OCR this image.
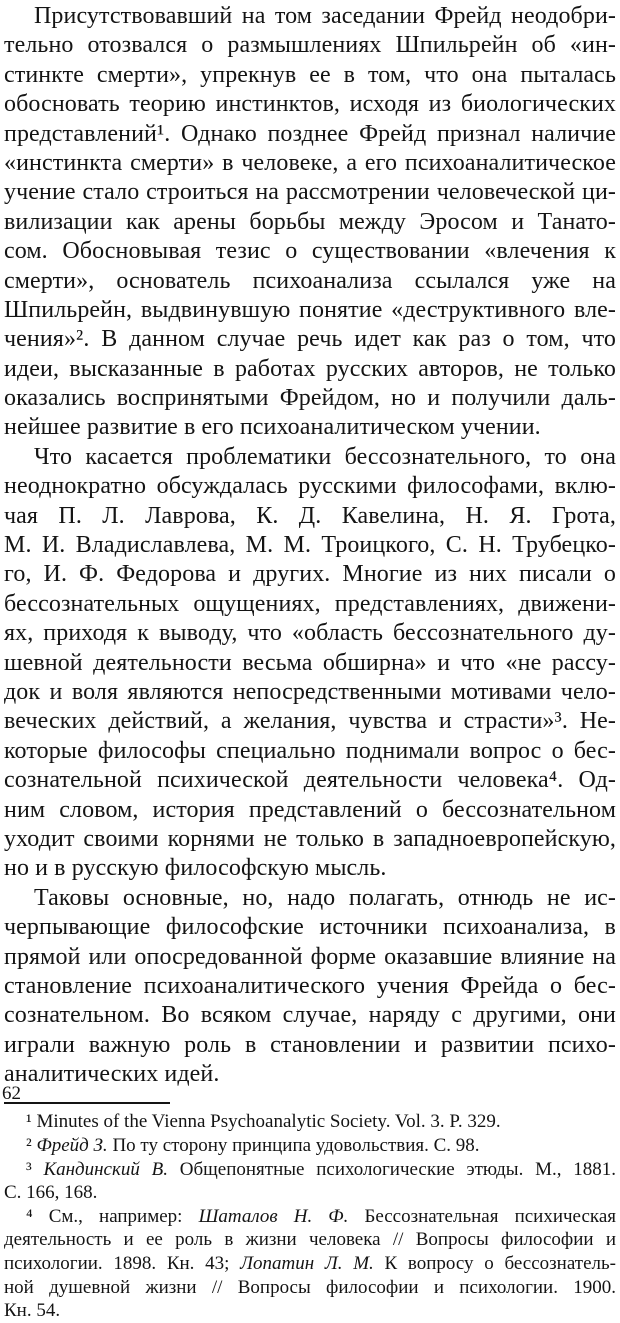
Присутствовавший на том заседании Фрейд неодобри-
тельно отозвался о размышлениях Шпильрейн об «ин-
стинкте смерти», упрекнув ее в том, что она пыталась
обосновать теорию инстинктов, исходя из биологических
представлений¹. Однако позднее Фрейд признал наличие
«инстинкта смерти» в человеке, а его психоаналитическое
учение стало строиться на рассмотрении человеческой ци-
вилизации как арены борьбы между Эросом и Танато-
сом. Обосновывая тезис о существовании «влечения к
смерти», основатель психоанализа ссылался уже на
Шпильрейн, выдвинувшую понятие «деструктивного вле-
чения»². В данном случае речь идет как раз о том, что
идеи, высказанные в работах русских авторов, не только
оказались воспринятыми Фрейдом, но и получили даль-
нейшее развитие в его психоаналитическом учении.
Что касается проблематики бессознательного, то она
неоднократно обсуждалась русскими философами, вклю-
чая П. Л. Лаврова, К. Д. Кавелина, Н. Я. Грота,
М. И. Владиславлева, М. М. Троицкого, С. Н. Трубецко-
го, И. Ф. Федорова и других. Многие из них писали о
бессознательных ощущениях, представлениях, движени-
ях, приходя к выводу, что «область бессознательного ду-
шевной деятельности весьма обширна» и что «не рассу-
док и воля являются непосредственными мотивами чело-
веческих действий, а желания, чувства и страсти»³. Не-
которые философы специально поднимали вопрос о бес-
сознательной психической деятельности человека⁴. Од-
ним словом, история представлений о бессознательном
уходит своими корнями не только в западноевропейскую,
но и в русскую философскую мысль.
Таковы основные, но, надо полагать, отнюдь не ис-
черпывающие философские источники психоанализа, в
прямой или опосредованной форме оказавшие влияние на
становление психоаналитического учения Фрейда о бес-
сознательном. Во всяком случае, наряду с другими, они
играли важную роль в становлении и развитии психо-
аналитических идей.
¹ Minutes of the Vienna Psychoanalytic Society. Vol. 3. P. 329.
² Фрейд З. По ту сторону принципа удовольствия. С. 98.
³ Кандинский В. Общепонятные психологические этюды. М., 1881.
С. 166, 168.
⁴ См., например: Шаталов Н. Ф. Бессознательная психическая
деятельность и ее роль в жизни человека // Вопросы философии и
психологии. 1898. Кн. 43; Лопатин Л. М. К вопросу о бессознатель-
ной душевной жизни // Вопросы философии и психологии. 1900.
Кн. 54.
62
